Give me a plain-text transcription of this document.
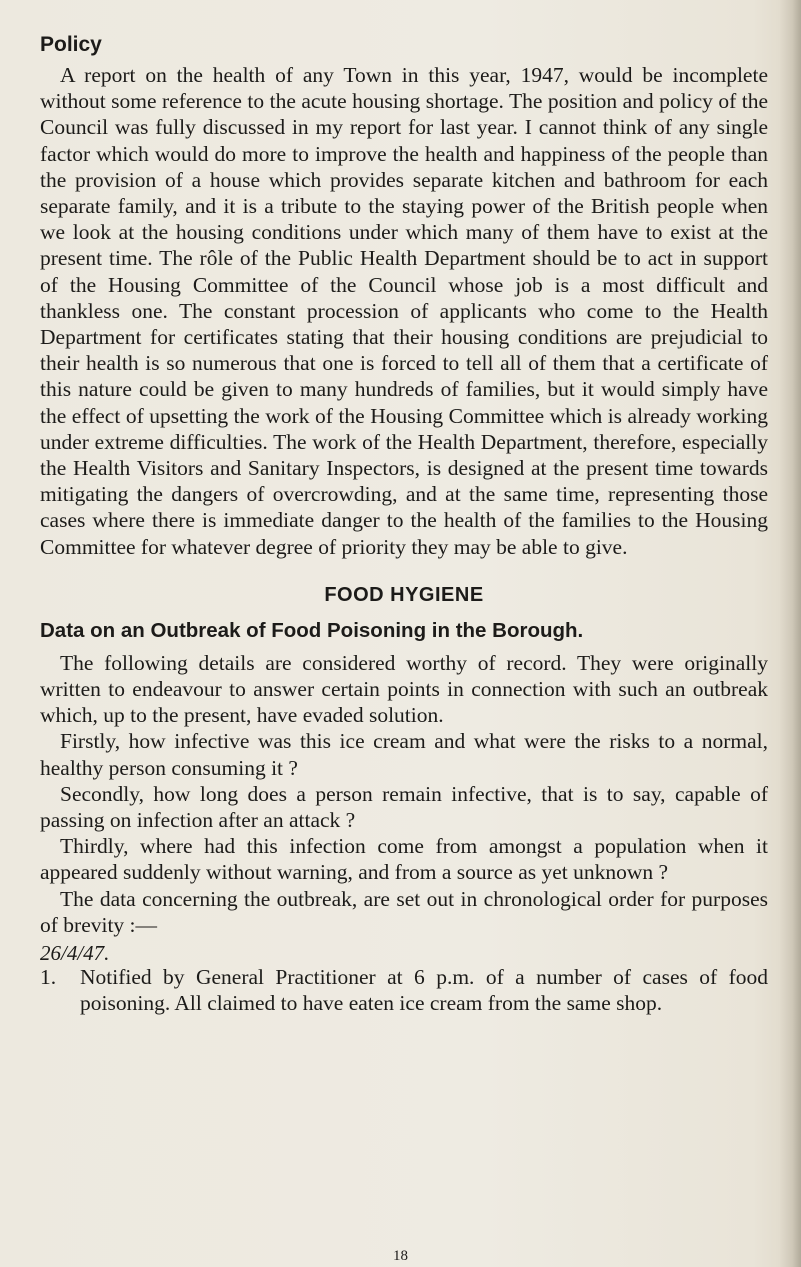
Policy

A report on the health of any Town in this year, 1947, would be incomplete without some reference to the acute housing shortage. The position and policy of the Council was fully discussed in my report for last year. I cannot think of any single factor which would do more to improve the health and happiness of the people than the provision of a house which provides separate kitchen and bathroom for each separate family, and it is a tribute to the staying power of the British people when we look at the housing conditions under which many of them have to exist at the present time. The rôle of the Public Health Department should be to act in support of the Housing Committee of the Council whose job is a most difficult and thankless one. The constant procession of applicants who come to the Health Department for certificates stating that their housing conditions are prejudicial to their health is so numerous that one is forced to tell all of them that a certificate of this nature could be given to many hundreds of families, but it would simply have the effect of upsetting the work of the Housing Committee which is already working under extreme difficulties. The work of the Health Department, therefore, especially the Health Visitors and Sanitary Inspectors, is designed at the present time towards mitigating the dangers of overcrowding, and at the same time, representing those cases where there is immediate danger to the health of the families to the Housing Committee for whatever degree of priority they may be able to give.

FOOD HYGIENE
Data on an Outbreak of Food Poisoning in the Borough.

The following details are considered worthy of record. They were originally written to endeavour to answer certain points in connection with such an outbreak which, up to the present, have evaded solution.

Firstly, how infective was this ice cream and what were the risks to a normal, healthy person consuming it ?

Secondly, how long does a person remain infective, that is to say, capable of passing on infection after an attack ?

Thirdly, where had this infection come from amongst a population when it appeared suddenly without warning, and from a source as yet unknown ?

The data concerning the outbreak, are set out in chronological order for purposes of brevity :—

26/4/47.
1. Notified by General Practitioner at 6 p.m. of a number of cases of food poisoning. All claimed to have eaten ice cream from the same shop.
18
